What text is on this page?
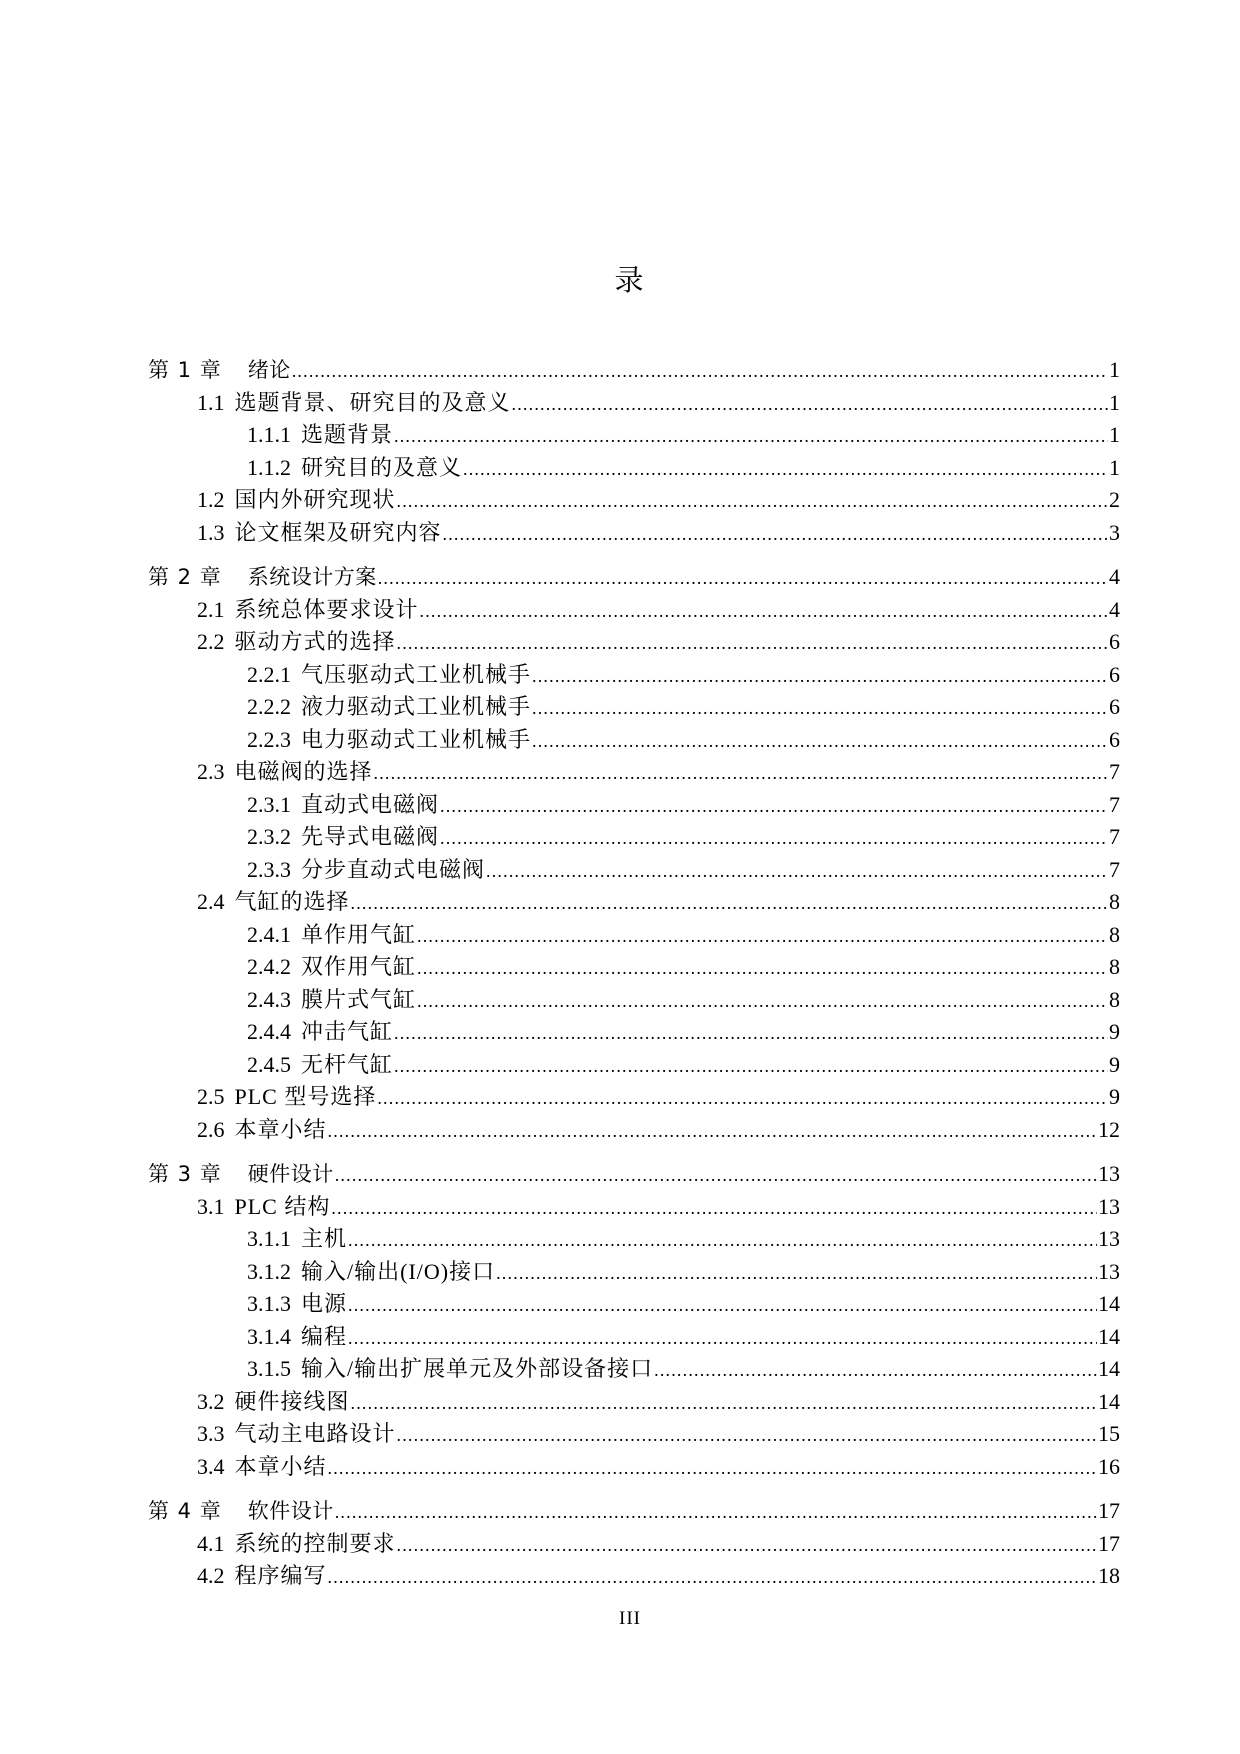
录
第 1 章 绪论 .....	1
1.1 选题背景、研究目的及意义 .....	1
1.1.1 选题背景 .....	1
1.1.2 研究目的及意义 .....	1
1.2 国内外研究现状 .....	2
1.3 论文框架及研究内容 .....	3
第 2 章 系统设计方案 .....	4
2.1 系统总体要求设计 .....	4
2.2 驱动方式的选择 .....	6
2.2.1 气压驱动式工业机械手 .....	6
2.2.2 液力驱动式工业机械手 .....	6
2.2.3 电力驱动式工业机械手 .....	6
2.3 电磁阀的选择 .....	7
2.3.1 直动式电磁阀 .....	7
2.3.2 先导式电磁阀 .....	7
2.3.3 分步直动式电磁阀 .....	7
2.4 气缸的选择 .....	8
2.4.1 单作用气缸 .....	8
2.4.2 双作用气缸 .....	8
2.4.3 膜片式气缸 .....	8
2.4.4 冲击气缸 .....	9
2.4.5 无杆气缸 .....	9
2.5 PLC 型号选择 .....	9
2.6 本章小结 .....	12
第 3 章 硬件设计 .....	13
3.1 PLC 结构 .....	13
3.1.1 主机 .....	13
3.1.2 输入/输出(I/O)接口 .....	13
3.1.3 电源 .....	14
3.1.4 编程 .....	14
3.1.5 输入/输出扩展单元及外部设备接口 .....	14
3.2 硬件接线图 .....	14
3.3 气动主电路设计 .....	15
3.4 本章小结 .....	16
第 4 章 软件设计 .....	17
4.1 系统的控制要求 .....	17
4.2 程序编写 .....	18
III
